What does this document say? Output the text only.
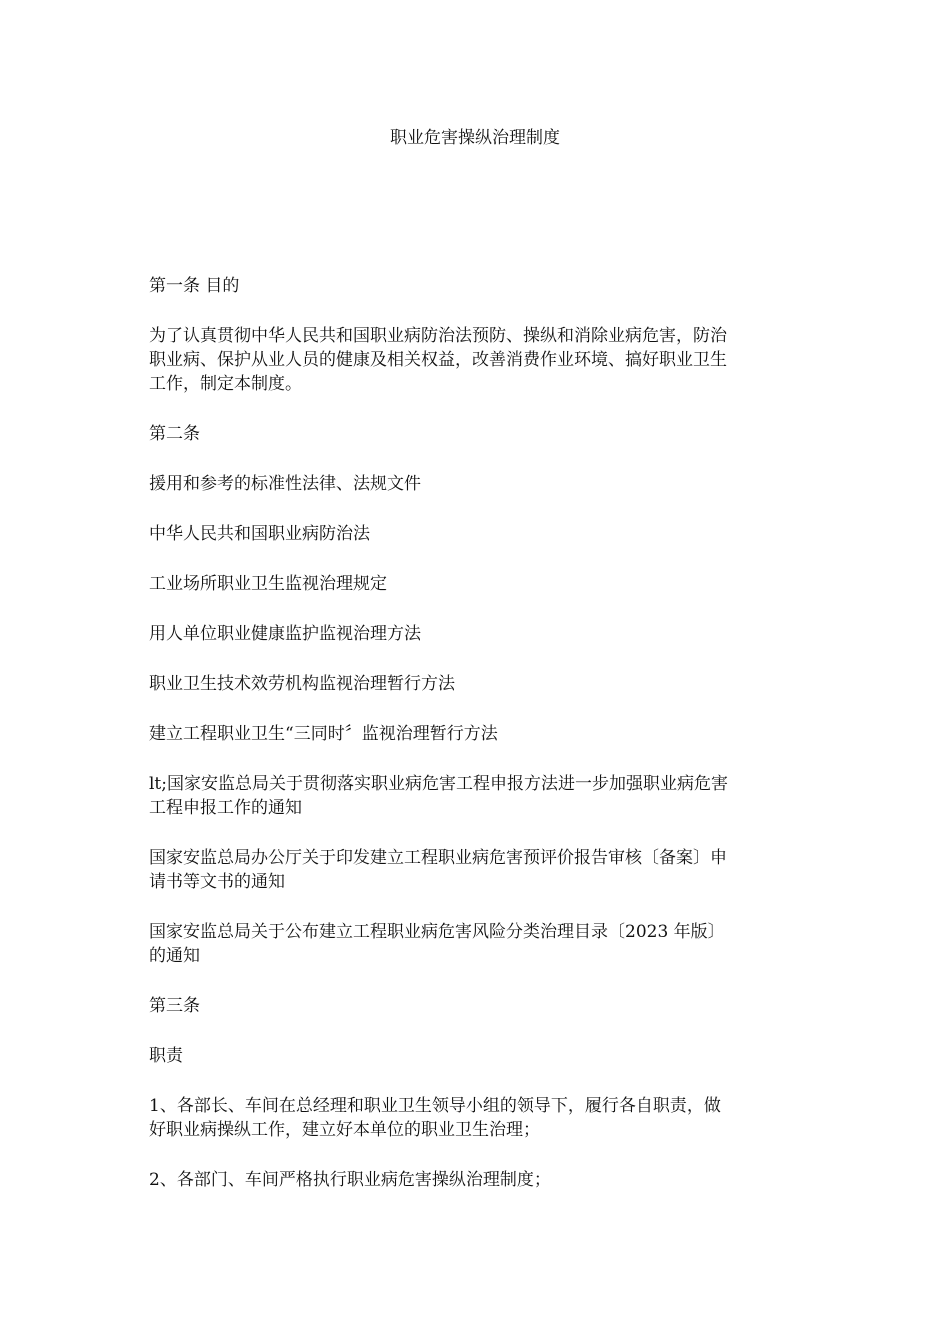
职业危害操纵治理制度

第一条 目的

为了认真贯彻中华人民共和国职业病防治法预防、操纵和消除业病危害，防治
职业病、保护从业人员的健康及相关权益，改善消费作业环境、搞好职业卫生
工作，制定本制度。

第二条

援用和参考的标准性法律、法规文件

中华人民共和国职业病防治法

工业场所职业卫生监视治理规定

用人单位职业健康监护监视治理方法

职业卫生技术效劳机构监视治理暂行方法

建立工程职业卫生“三同时〞监视治理暂行方法

lt;国家安监总局关于贯彻落实职业病危害工程申报方法进一步加强职业病危害
工程申报工作的通知

国家安监总局办公厅关于印发建立工程职业病危害预评价报告审核〔备案〕申
请书等文书的通知

国家安监总局关于公布建立工程职业病危害风险分类治理目录〔2023 年版〕
的通知

第三条

职责

1、各部长、车间在总经理和职业卫生领导小组的领导下，履行各自职责，做
好职业病操纵工作，建立好本单位的职业卫生治理；

2、各部门、车间严格执行职业病危害操纵治理制度；
